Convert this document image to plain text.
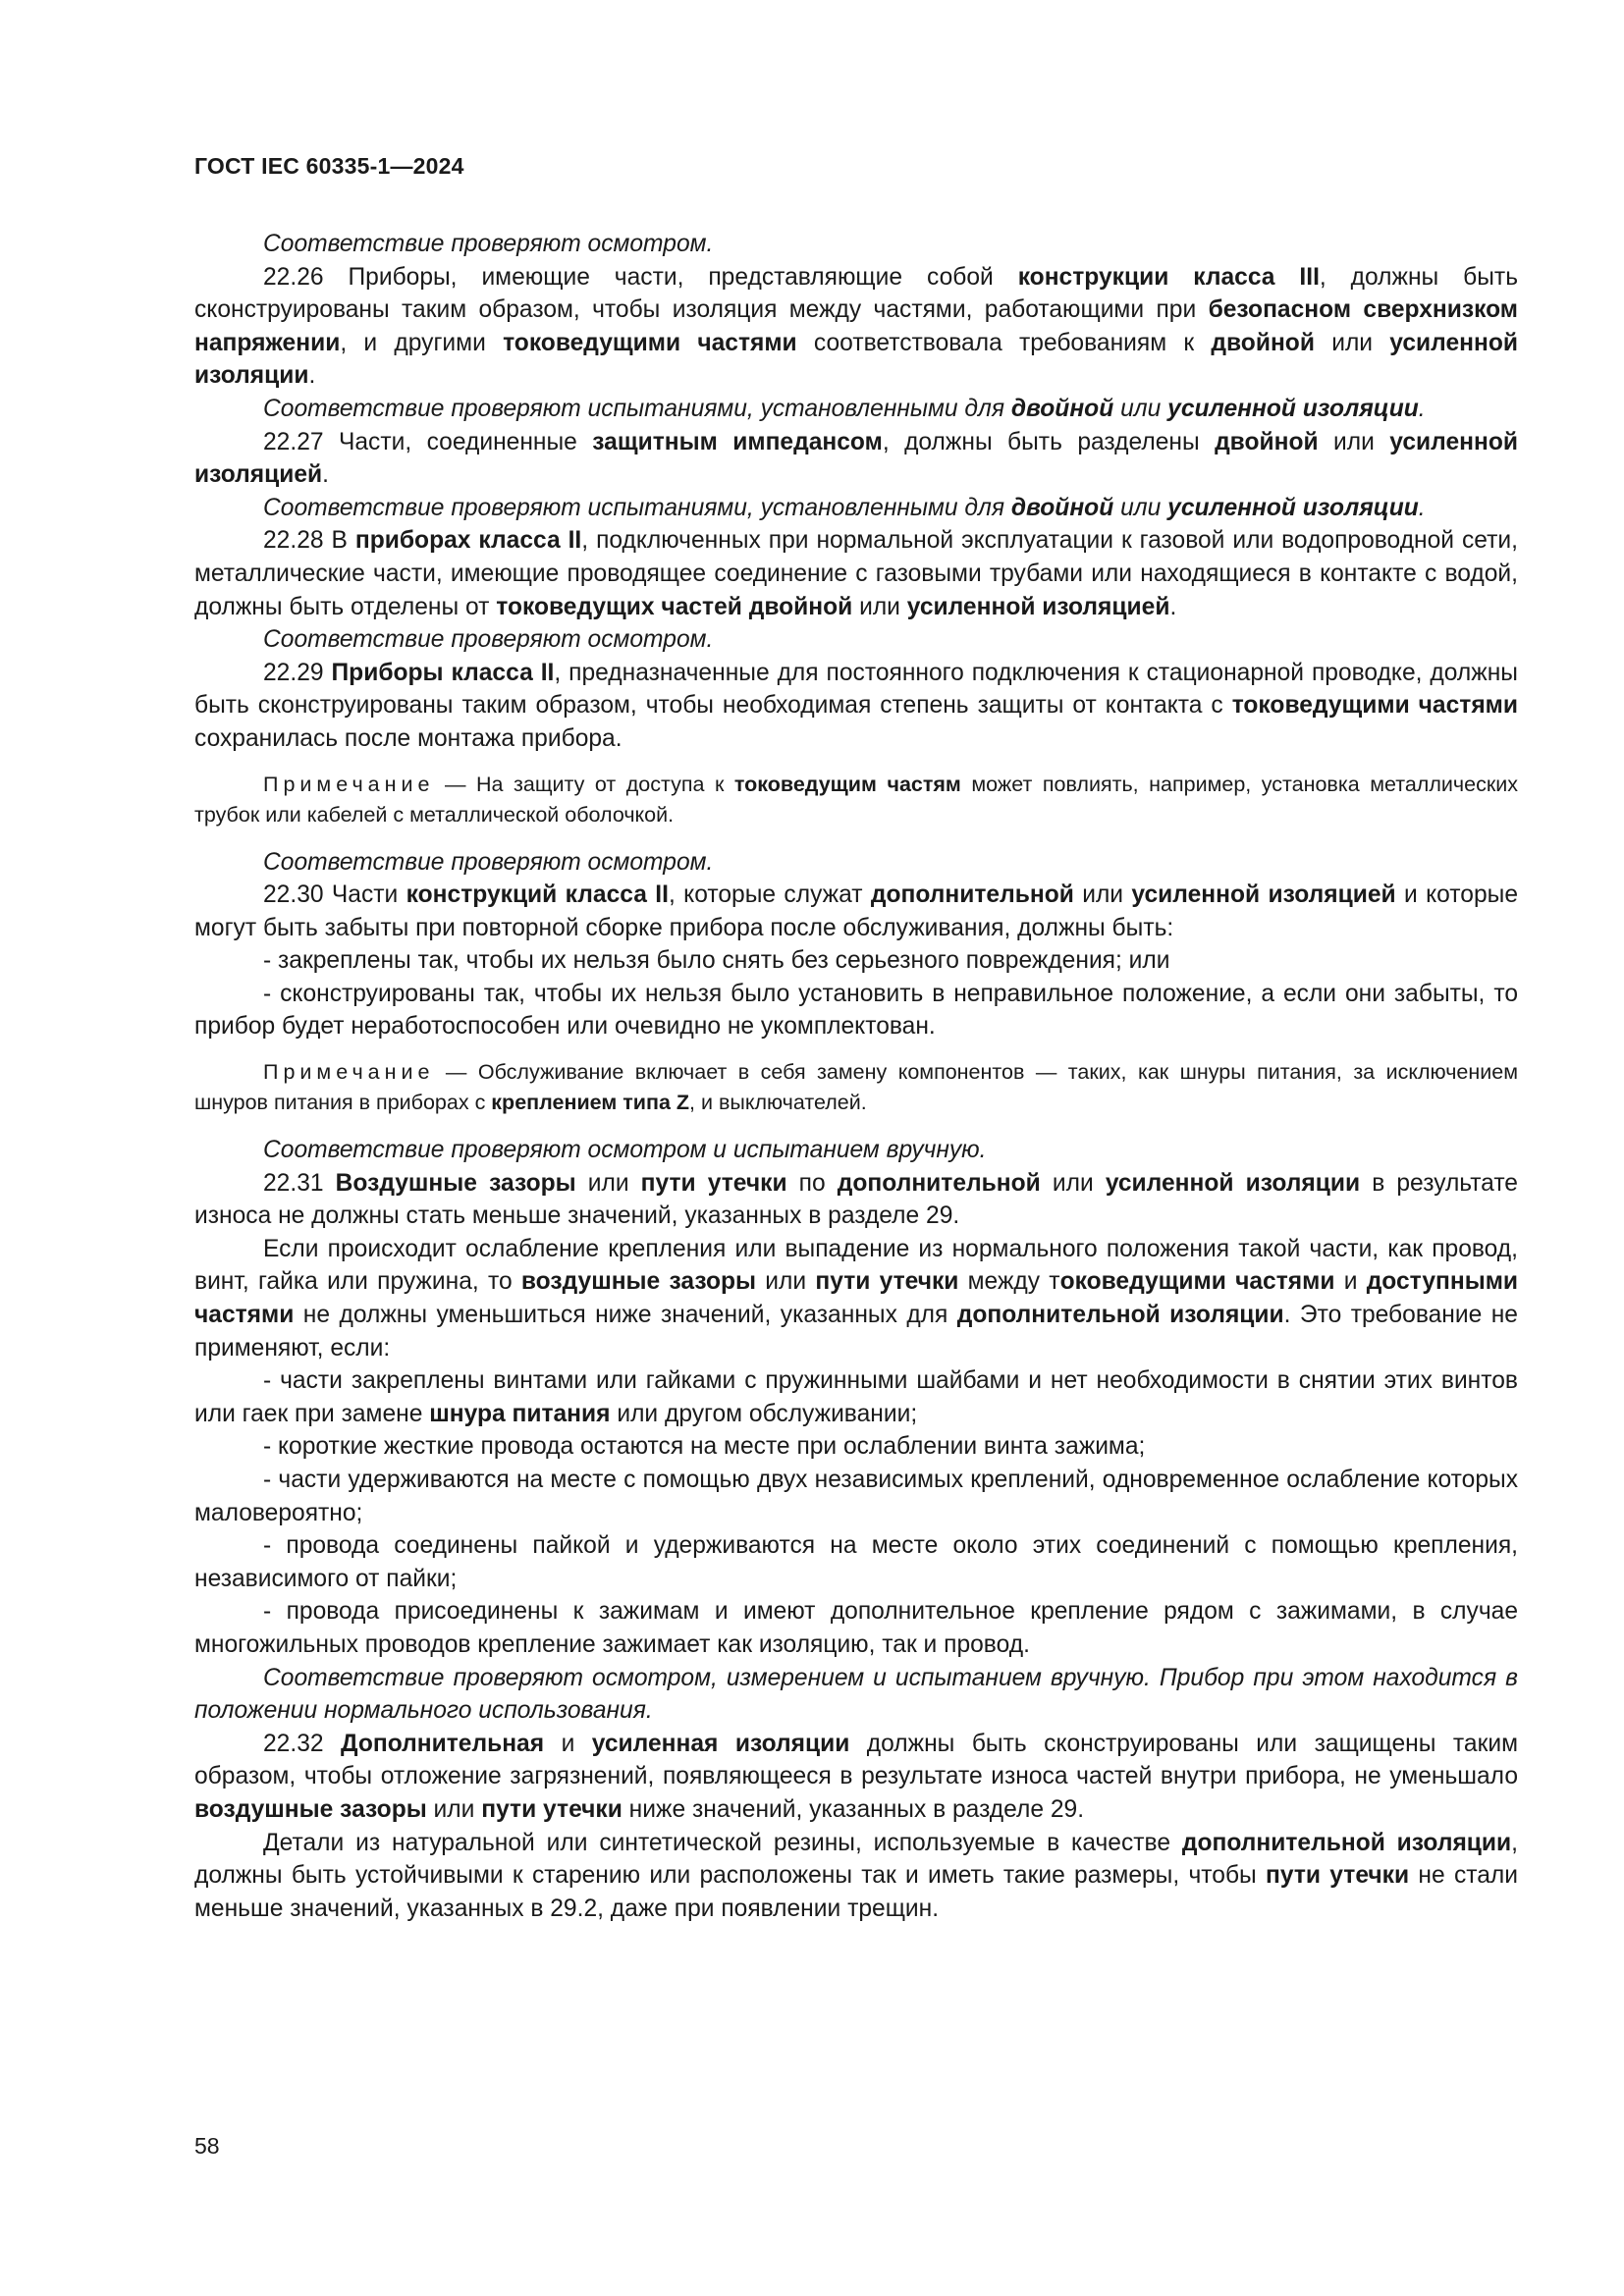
ГОСТ IEC 60335-1—2024

Соответствие проверяют осмотром.

22.26 Приборы, имеющие части, представляющие собой конструкции класса III, должны быть сконструированы таким образом, чтобы изоляция между частями, работающими при безопасном сверхнизком напряжении, и другими токоведущими частями соответствовала требованиям к двойной или усиленной изоляции.

Соответствие проверяют испытаниями, установленными для двойной или усиленной изоляции.

22.27 Части, соединенные защитным импедансом, должны быть разделены двойной или усиленной изоляцией.

Соответствие проверяют испытаниями, установленными для двойной или усиленной изоляции.

22.28 В приборах класса II, подключенных при нормальной эксплуатации к газовой или водопроводной сети, металлические части, имеющие проводящее соединение с газовыми трубами или находящиеся в контакте с водой, должны быть отделены от токоведущих частей двойной или усиленной изоляцией.

Соответствие проверяют осмотром.

22.29 Приборы класса II, предназначенные для постоянного подключения к стационарной проводке, должны быть сконструированы таким образом, чтобы необходимая степень защиты от контакта с токоведущими частями сохранилась после монтажа прибора.

Примечание — На защиту от доступа к токоведущим частям может повлиять, например, установка металлических трубок или кабелей с металлической оболочкой.

Соответствие проверяют осмотром.

22.30 Части конструкций класса II, которые служат дополнительной или усиленной изоляцией и которые могут быть забыты при повторной сборке прибора после обслуживания, должны быть:

- закреплены так, чтобы их нельзя было снять без серьезного повреждения; или

- сконструированы так, чтобы их нельзя было установить в неправильное положение, а если они забыты, то прибор будет неработоспособен или очевидно не укомплектован.

Примечание — Обслуживание включает в себя замену компонентов — таких, как шнуры питания, за исключением шнуров питания в приборах с креплением типа Z, и выключателей.

Соответствие проверяют осмотром и испытанием вручную.

22.31 Воздушные зазоры или пути утечки по дополнительной или усиленной изоляции в результате износа не должны стать меньше значений, указанных в разделе 29.

Если происходит ослабление крепления или выпадение из нормального положения такой части, как провод, винт, гайка или пружина, то воздушные зазоры или пути утечки между токоведущими частями и доступными частями не должны уменьшиться ниже значений, указанных для дополнительной изоляции. Это требование не применяют, если:

- части закреплены винтами или гайками с пружинными шайбами и нет необходимости в снятии этих винтов или гаек при замене шнура питания или другом обслуживании;

- короткие жесткие провода остаются на месте при ослаблении винта зажима;

- части удерживаются на месте с помощью двух независимых креплений, одновременное ослабление которых маловероятно;

- провода соединены пайкой и удерживаются на месте около этих соединений с помощью крепления, независимого от пайки;

- провода присоединены к зажимам и имеют дополнительное крепление рядом с зажимами, в случае многожильных проводов крепление зажимает как изоляцию, так и провод.

Соответствие проверяют осмотром, измерением и испытанием вручную. Прибор при этом находится в положении нормального использования.

22.32 Дополнительная и усиленная изоляции должны быть сконструированы или защищены таким образом, чтобы отложение загрязнений, появляющееся в результате износа частей внутри прибора, не уменьшало воздушные зазоры или пути утечки ниже значений, указанных в разделе 29.

Детали из натуральной или синтетической резины, используемые в качестве дополнительной изоляции, должны быть устойчивыми к старению или расположены так и иметь такие размеры, чтобы пути утечки не стали меньше значений, указанных в 29.2, даже при появлении трещин.

58
